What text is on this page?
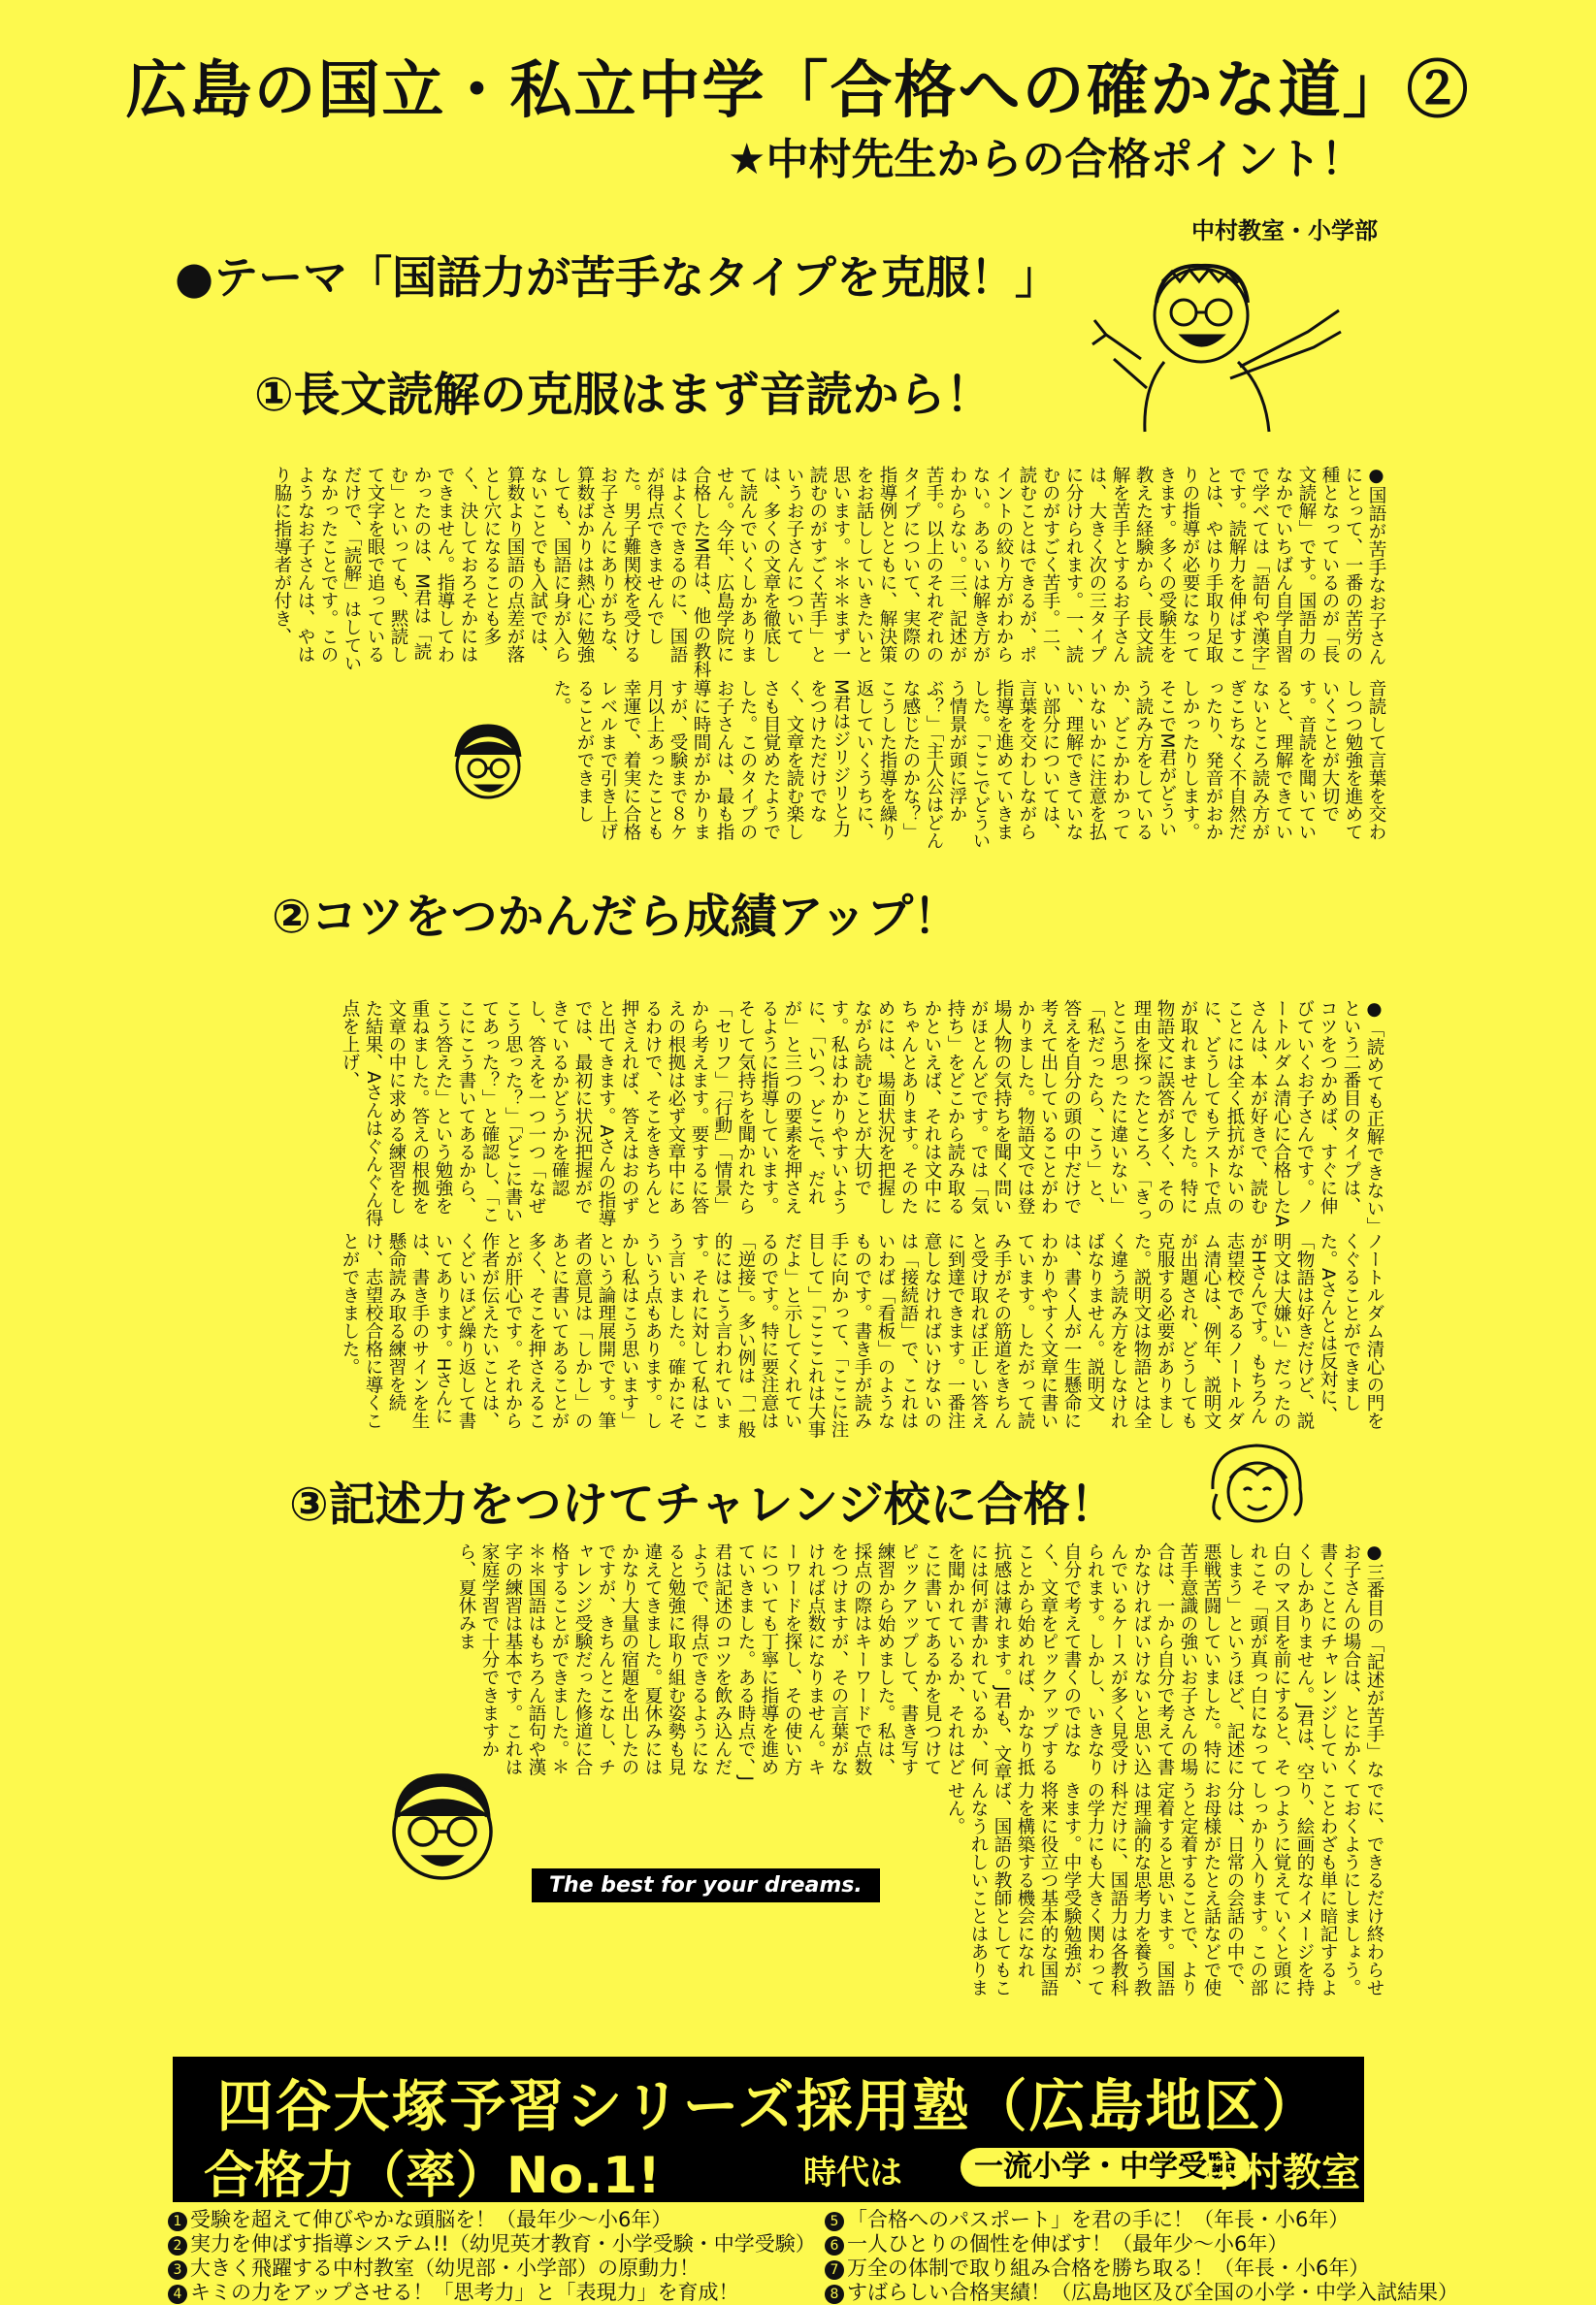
広島の国立・私立中学「合格への確かな道」②
★中村先生からの合格ポイント！
中村教室・小学部
●テーマ「国語力が苦手なタイプを克服！」
①長文読解の克服はまず音読から！
②コツをつかんだら成績アップ！
③記述力をつけてチャレンジ校に合格！
●国語が苦手なお子さんにとって、一番の苦労の種となっているのが「長文読解」です。国語力のなかでいちばん自学自習で学べては「語句や漢字」です。読解力を伸ばすことは、やはり手取り足取りの指導が必要になってきます。多くの受験生を教えた経験から、長文読解を苦手とするお子さんは、大きく次の三タイプに分けられます。一、読むのがすごく苦手。二、読むことはできるが、ポイントの絞り方がわからない。あるいは解き方がわからない。三、記述が苦手。以上のそれぞれのタイプについて、実際の指導例とともに、解決策をお話ししていきたいと思います。＊＊＊まず一読むのがすごく苦手」というお子さんについては、多くの文章を徹底して読んでいくしかありません。今年、広島学院に合格したM君は、他の教科はよくできるのに、国語が得点できませんでした。男子難関校を受けるお子さんにありがちな、算数ばかりは熱心に勉強しても、国語に身が入らないことでも入試では、算数より国語の点差が落とし穴になることも多く、決しておろそかにはできません。指導してわかったのは、M君は「読む」といっても、黙読して文字を眼で追っているだけで、「読解」はしていなかったことです。このようなお子さんは、やはり脇に指導者が付き、
音読して言葉を交わしつつ勉強を進めていくことが大切です。音読を聞いていると、理解できていないところ読み方がぎこちなく不自然だったり、発音がおかしかったりします。そこでM君がどういう読み方をしているか、どこかわかっていないかに注意を払い、理解できていない部分については、言葉を交わしながら指導を進めていきました。「ここでどういう情景が頭に浮かぶ？」「主人公はどんな感じたのかな？」こうした指導を繰り返していくうちに、M君はジリジリと力をつけただけでなく、文章を読む楽しさも目覚めたようでした。このタイプのお子さんは、最も指導に時間がかかりますが、受験まで８ケ月以上あったことも幸運で、着実に合格レベルまで引き上げることができました。
●「読めても正解できない」という二番目のタイプは、コツをつかめば、すぐに伸びていくお子さんです。ノートルダム清心に合格したAさんは、本が好きで、読むことには全く抵抗がないのに、どうしてもテストで点が取れませんでした。特に物語文に誤答が多く、その理由を探ったところ、「きっとこう思ったに違いない」「私だったら、こう」と、答えを自分の頭の中だけで考えて出していることがわかりました。物語文では登場人物の気持ちを聞く問いがほとんどです。では「気持ち」をどこから読み取るかといえば、それは文中にちゃんとあります。そのためには、場面状況を把握しながら読むことが大切です。私はわかりやすいように、「いつ、どこで、だれが」と三つの要素を押さえるように指導しています。そして気持ちを聞かれたら「セリフ」「行動」「情景」から考えます。要するに答えの根拠は必ず文章中にあるわけで、そこをきちんと押さえれば、答えはおのずと出てきます。Aさんの指導では、最初に状況把握ができているかどうかを確認し、答えを一つ一つ「なぜこう思った？」「どこに書いてあった？」と確認し、「ここにこう書いてあるから、こう答えた」という勉強を重ねました。答えの根拠を文章の中に求める練習をした結果、Aさんはぐんぐん得点を上げ、
ノートルダム清心の門をくぐることができました。Aさんとは反対に、「物語は好きだけど、説明文は大嫌い」だったのがHさんです。もちろん志望校であるノートルダム清心は、例年、説明文が出題され、どうしても克服する必要がありました。説明文は物語とは全く違う読み方をしなければなりません。説明文は、書く人が一生懸命にわかりやすく文章に書いています。したがって読み手がその筋道をきちんと受け取れば正しい答えに到達できます。一番注意しなければいけないのは「接続語」で、これはいわば「看板」のようなものです。書き手が読み手に向かって、「ここに注目して」「こここれは大事だよ」と示してくれているのです。特に要注意は「逆接」。多い例は「一般的にはこう言われています。それに対して私はこう言いました。確かにそういう点もあります。しかし私はこう思います」という論理展開です。筆者の意見は「しかし」のあとに書いてあることが多く、そこを押さえることが肝心です。それから作者が伝えたいことは、くどいほど繰り返して書いてあります。Hさんには、書き手のサインを生懸命読み取る練習を続け、志望校合格に導くことができました。
●三番目の「記述が苦手」なお子さんの場合は、とにかく書くことにチャレンジしていくしかありません。J君は、空白のマス目を前にすると、それこそ「頭が真っ白になってしまう」というほど、記述に悪戦苦闘していました。特に苦手意識の強いお子さんの場合は、一から自分で考えて書かなければいけないと思い込んでいるケースが多く見受けられます。しかし、いきなり自分で考えて書くのではなく、文章をピックアップすることから始めれば、かなり抵抗感は薄れます。J君も、文章には何が書かれているか、何を聞かれているか、それはどこに書いてあるかを見つけてピックアップして、書き写す練習から始めました。私は、採点の際はキーワードで点数をつけますが、その言葉がなければ点数になりません。キーワードを探し、その使い方についても丁寧に指導を進めていきました。ある時点で、J君は記述のコツを飲み込んだようで、得点できるようになると勉強に取り組む姿勢も見違えてきました。夏休みにはかなり大量の宿題を出したのですが、きちんとこなし、チャレンジ受験だった修道に合格することができました。＊＊＊国語はもちろん語句や漢字の練習は基本です。これは家庭学習で十分できますから、夏休みま
でに、できるだけ終わらせておくようにしましょう。ことわざも単に暗記するより、絵画的なイメージを持つように覚えていくと頭にしっかり入ります。この部分は、日常の会話の中で、お母様がたとえ話などで使うと定着することで、より定着すると思います。国語は理論的な思考力を養う教科だけに、国語力は各教科の学力にも大きく関わってきます。中学受験勉強が、将来に役立つ基本的な国語力を構築する機会になれば、国語の教師としてもこんなうれしいことはありません。
The best for your dreams.
四谷大塚予習シリーズ採用塾（広島地区）
合格力（率）No.1!	時代は	一流小学・中学受験
中村教室
1 受験を超えて伸びやかな頭脳を！（最年少〜小6年）
2 実力を伸ばす指導システム!!（幼児英才教育・小学受験・中学受験）
3 大きく飛躍する中村教室（幼児部・小学部）の原動力！
4 キミの力をアップさせる！「思考力」と「表現力」を育成！
5 「合格へのパスポート」を君の手に！（年長・小6年）
6 一人ひとりの個性を伸ばす！（最年少〜小6年）
7 万全の体制で取り組み合格を勝ち取る！（年長・小6年）
8 すばらしい合格実績！（広島地区及び全国の小学・中学入試結果）
